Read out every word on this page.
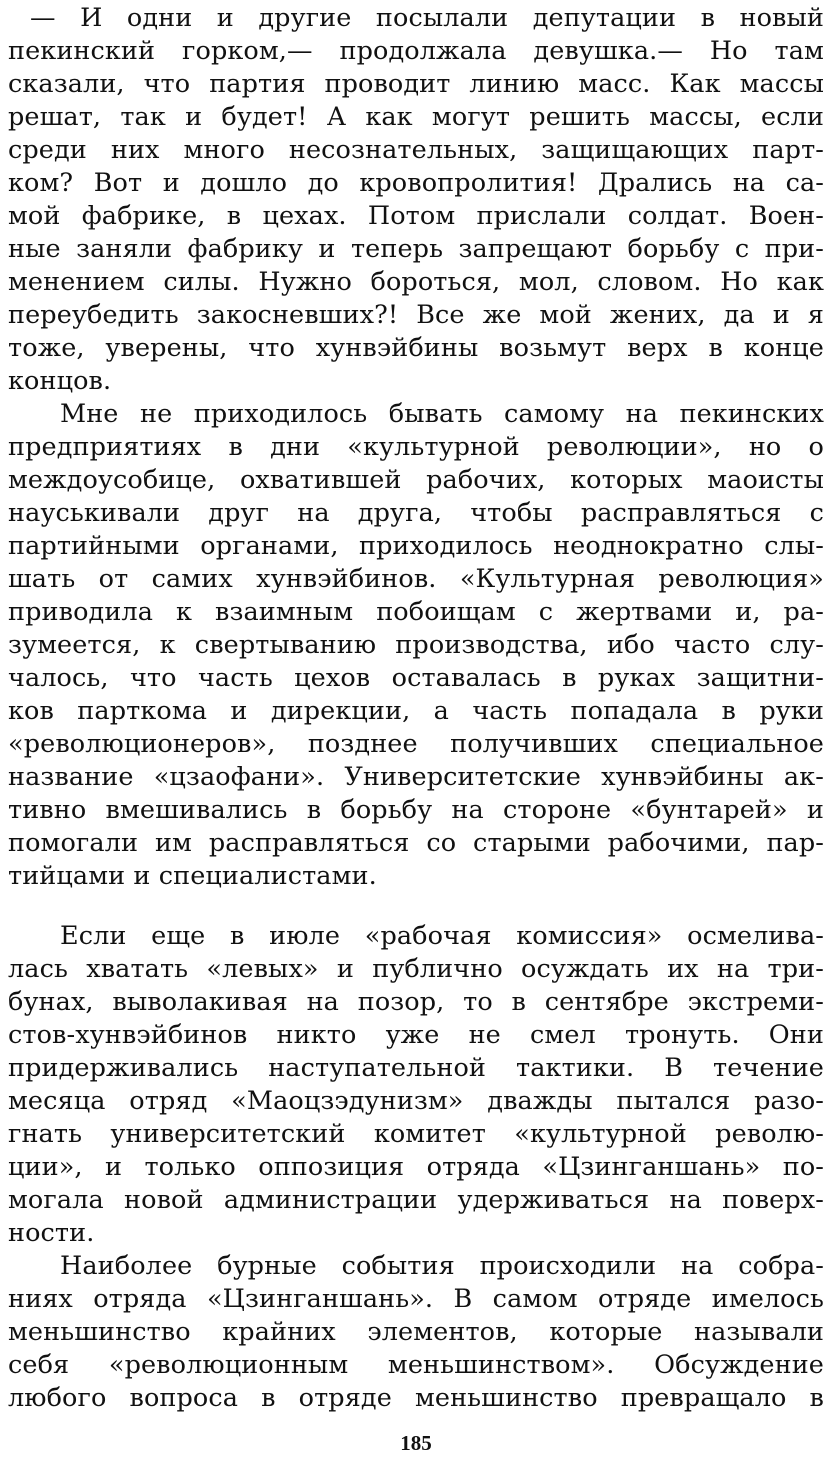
— И одни и другие посылали депутации в новый
пекинский горком,— продолжала девушка.— Но там
сказали, что партия проводит линию масс. Как массы
решат, так и будет! А как могут решить массы, если
среди них много несознательных, защищающих парт-
ком? Вот и дошло до кровопролития! Дрались на са-
мой фабрике, в цехах. Потом прислали солдат. Воен-
ные заняли фабрику и теперь запрещают борьбу с при-
менением силы. Нужно бороться, мол, словом. Но как
переубедить закосневших?! Все же мой жених, да и я
тоже, уверены, что хунвэйбины возьмут верх в конце
концов.
Мне не приходилось бывать самому на пекинских
предприятиях в дни «культурной революции», но о
междоусобице, охватившей рабочих, которых маоисты
науськивали друг на друга, чтобы расправляться с
партийными органами, приходилось неоднократно слы-
шать от самих хунвэйбинов. «Культурная революция»
приводила к взаимным побоищам с жертвами и, ра-
зумеется, к свертыванию производства, ибо часто слу-
чалось, что часть цехов оставалась в руках защитни-
ков парткома и дирекции, а часть попадала в руки
«революционеров», позднее получивших специальное
название «цзаофани». Университетские хунвэйбины ак-
тивно вмешивались в борьбу на стороне «бунтарей» и
помогали им расправляться со старыми рабочими, пар-
тийцами и специалистами.
Если еще в июле «рабочая комиссия» осмелива-
лась хватать «левых» и публично осуждать их на три-
бунах, выволакивая на позор, то в сентябре экстреми-
стов-хунвэйбинов никто уже не смел тронуть. Они
придерживались наступательной тактики. В течение
месяца отряд «Маоцзэдунизм» дважды пытался разо-
гнать университетский комитет «культурной револю-
ции», и только оппозиция отряда «Цзинганшань» по-
могала новой администрации удерживаться на поверх-
ности.
Наиболее бурные события происходили на собра-
ниях отряда «Цзинганшань». В самом отряде имелось
меньшинство крайних элементов, которые называли
себя «революционным меньшинством». Обсуждение
любого вопроса в отряде меньшинство превращало в
185
